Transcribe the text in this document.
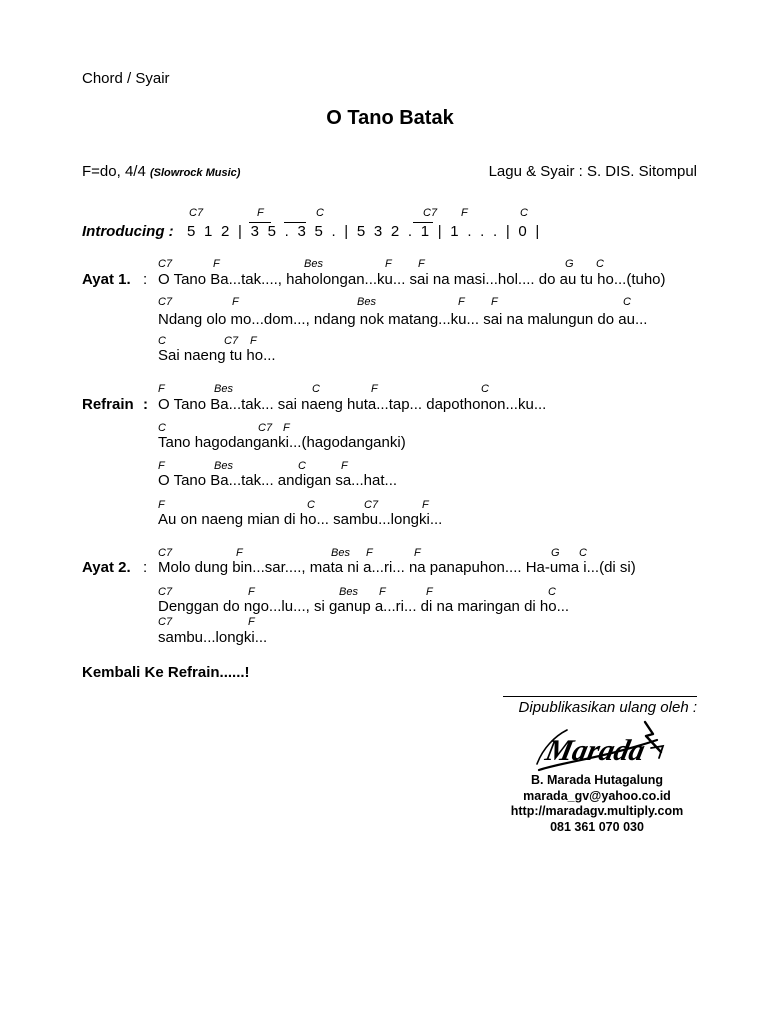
Chord / Syair
O Tano Batak
F=do, 4/4 (Slowrock Music)	Lagu & Syair : S. DIS. Sitompul
C7	F	C	C7 F	C
Introducing : 5 1 2 | 3 5 . 3 5 . | 5 3 2 . 1 | 1 . . . | 0 |
C7	F	Bes	F F	G C
Ayat 1. : O Tano Ba...tak...., haholongan...ku... sai na masi...hol.... do au tu ho...(tuho)
C7	F	Bes	F F	C
Ndang olo mo...dom..., ndang nok matang...ku... sai na malungun do au...
C	C7 F
Sai naeng tu ho...
F	Bes	C	F	C
Refrain : O Tano Ba...tak... sai naeng huta...tap... dapothonon...ku...
C	C7 F
Tano hagodanganki...(hagodanganki)
F	Bes	C	F
O Tano Ba...tak... andigan sa...hat...
F	C	C7	F
Au on naeng mian di ho... sambu...longki...
C7	F	Bes F	F	G C
Ayat 2. : Molo dung bin...sar...., mata ni a...ri... na panapuhon.... Ha-uma i...(di si)
C7	F	Bes F	F	C
Denggan do ngo...lu..., si ganup a...ri... di na maringan di ho...
C7	F
sambu...longki...
Kembali Ke Refrain......!
Dipublikasikan ulang oleh :
Marada
B. Marada Hutagalung
marada_gv@yahoo.co.id
http://maradagv.multiply.com
081 361 070 030
